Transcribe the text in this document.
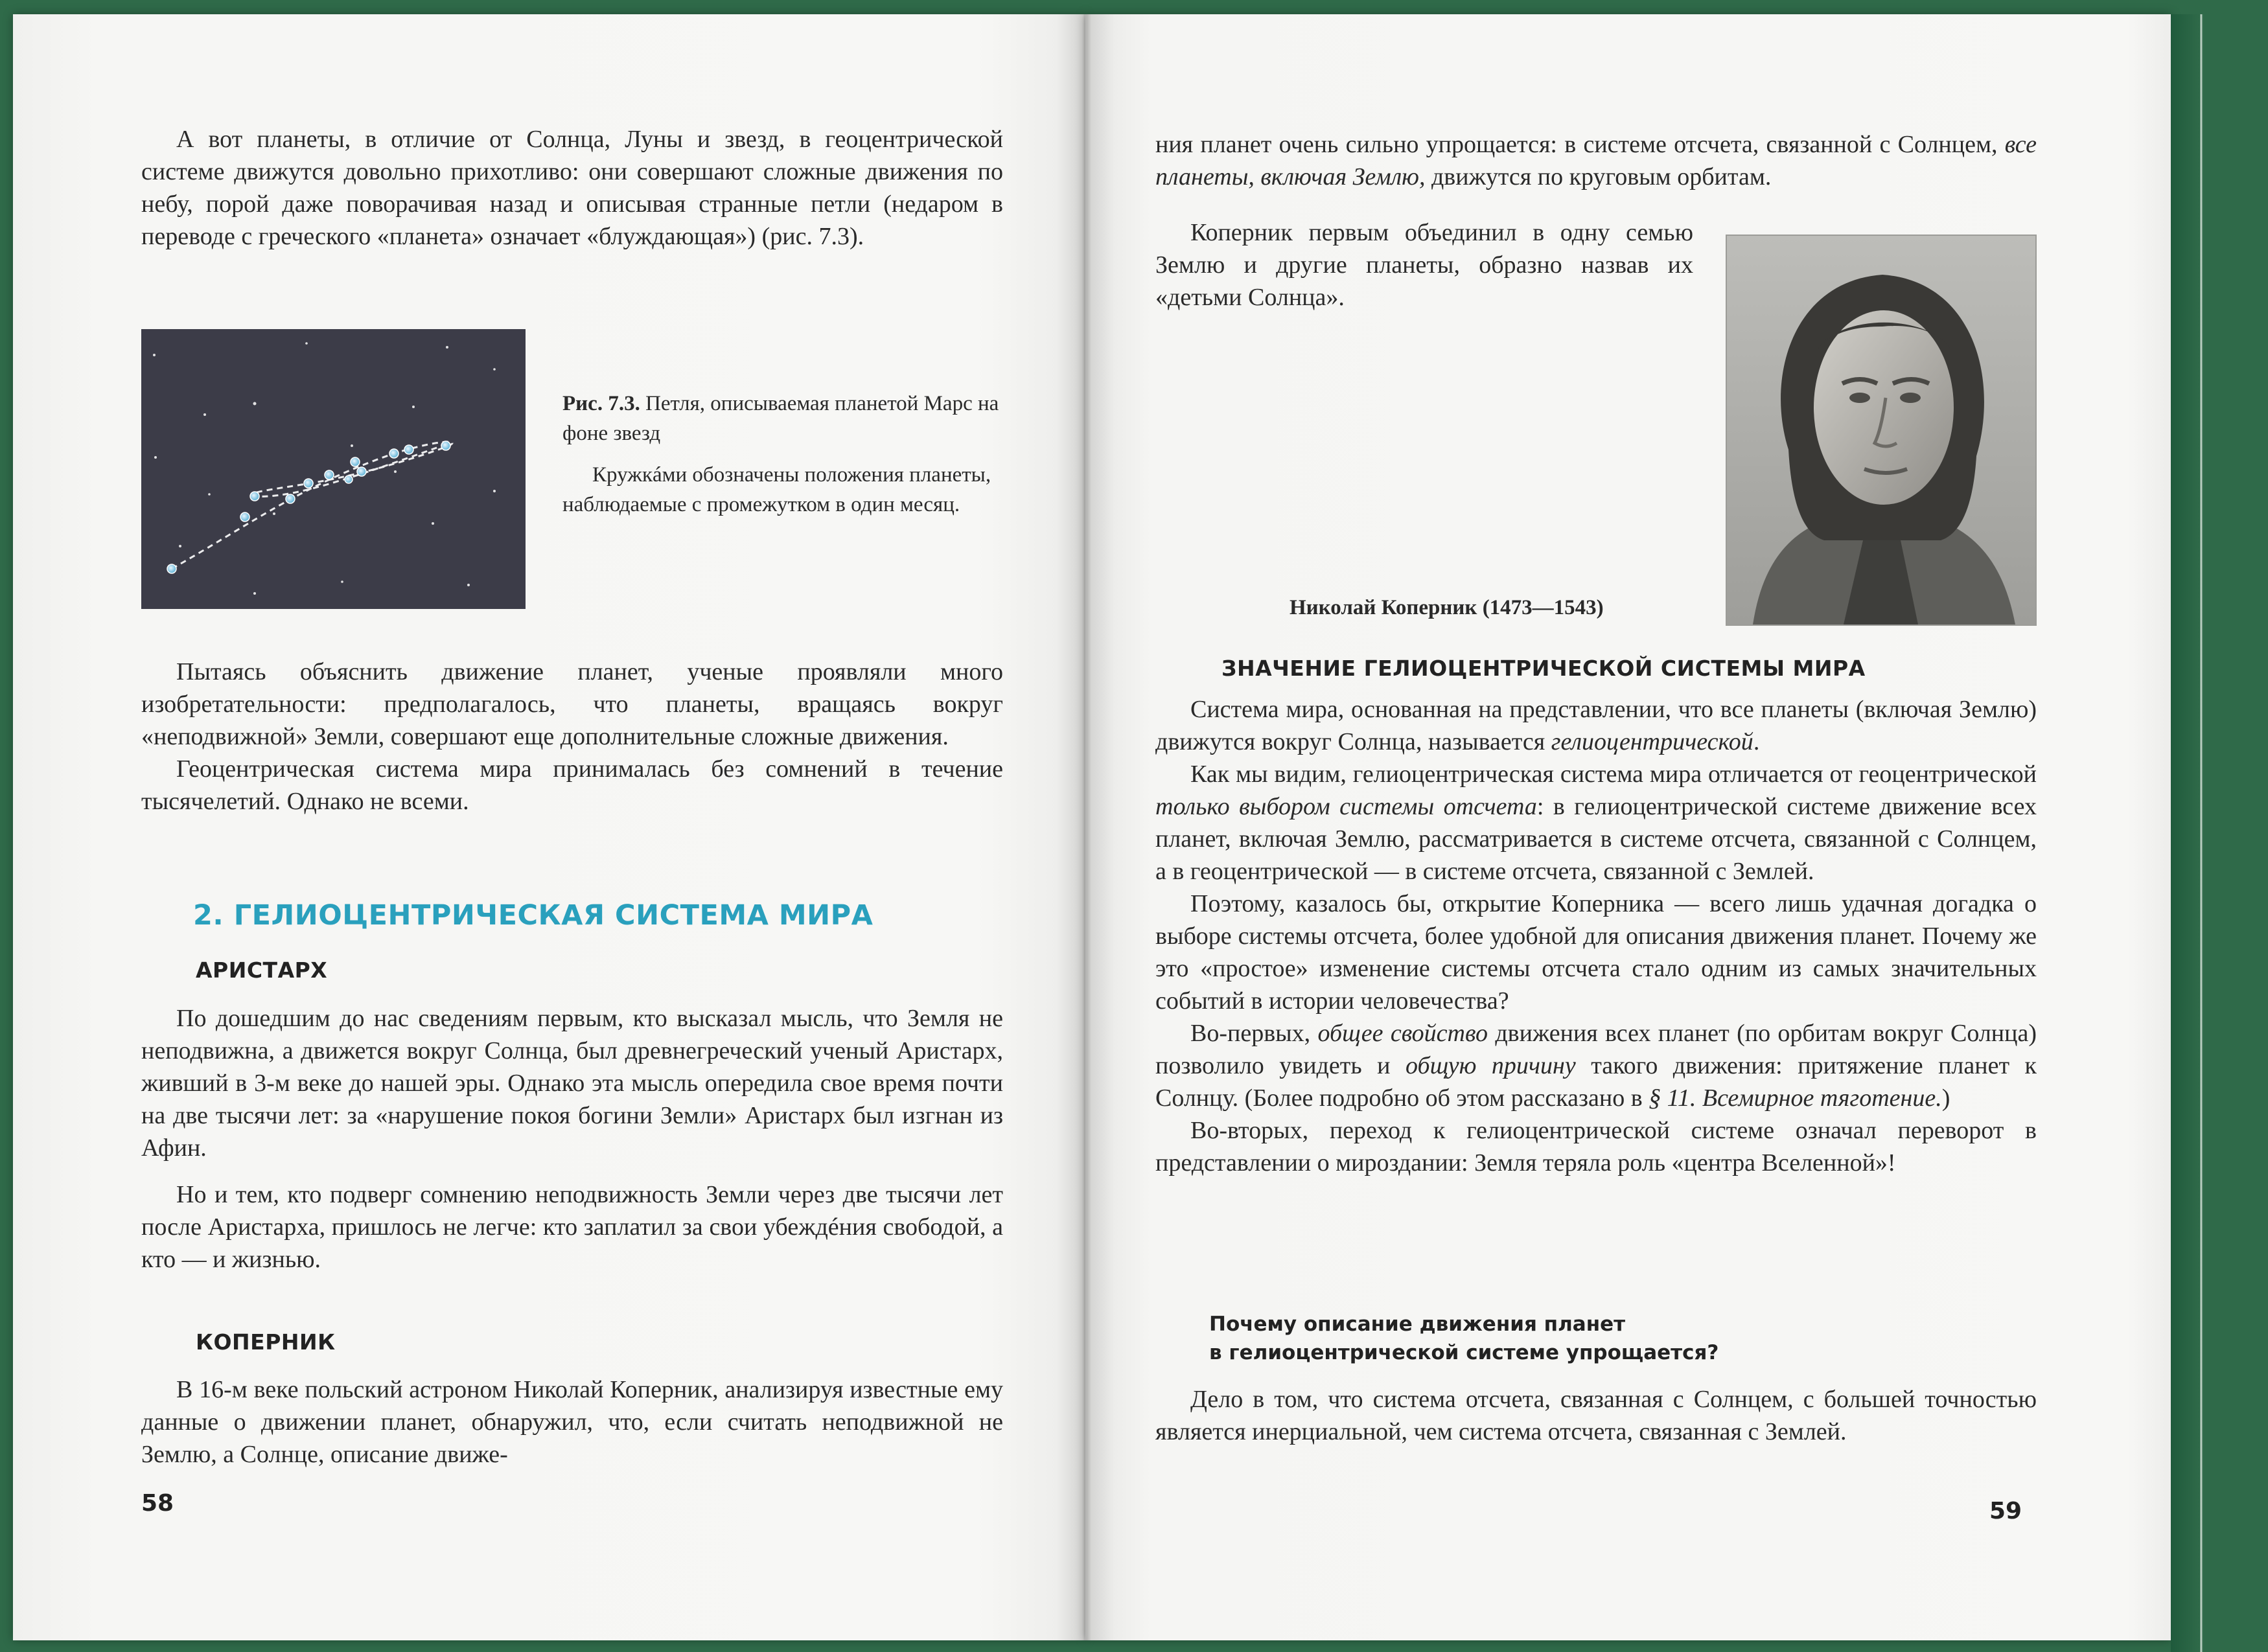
А вот планеты, в отличие от Солнца, Луны и звезд, в геоцентрической системе движутся довольно прихотливо: они совершают сложные движения по небу, порой даже поворачивая назад и описывая странные петли (недаром в переводе с греческого «планета» означает «блуждающая») (рис. 7.3).

Рис. 7.3. Петля, описываемая планетой Марс на фоне звезд

Кружкáми обозначены положения планеты, наблюдаемые с промежутком в один месяц.

Пытаясь объяснить движение планет, ученые проявляли много изобретательности: предполагалось, что планеты, вращаясь вокруг «неподвижной» Земли, совершают еще дополнительные сложные движения.

Геоцентрическая система мира принималась без сомнений в течение тысячелетий. Однако не всеми.

2. ГЕЛИОЦЕНТРИЧЕСКАЯ СИСТЕМА МИРА
АРИСТАРХ

По дошедшим до нас сведениям первым, кто высказал мысль, что Земля не неподвижна, а движется вокруг Солнца, был древнегреческий ученый Аристарх, живший в 3-м веке до нашей эры. Однако эта мысль опередила свое время почти на две тысячи лет: за «нарушение покоя богини Земли» Аристарх был изгнан из Афин.

Но и тем, кто подверг сомнению неподвижность Земли через две тысячи лет после Аристарха, пришлось не легче: кто заплатил за свои убеждéния свободой, а кто — и жизнью.

КОПЕРНИК

В 16-м веке польский астроном Николай Коперник, анализируя известные ему данные о движении планет, обнаружил, что, если считать неподвижной не Землю, а Солнце, описание движе-

58

ния планет очень сильно упрощается: в системе отсчета, связанной с Солнцем, все планеты, включая Землю, движутся по круговым орбитам.

Коперник первым объединил в одну семью Землю и другие планеты, образно назвав их «детьми Солнца».

Николай Коперник (1473—1543)
ЗНАЧЕНИЕ ГЕЛИОЦЕНТРИЧЕСКОЙ СИСТЕМЫ МИРА

Система мира, основанная на представлении, что все планеты (включая Землю) движутся вокруг Солнца, называется гелиоцентрической.

Как мы видим, гелиоцентрическая система мира отличается от геоцентрической только выбором системы отсчета: в гелиоцентрической системе движение всех планет, включая Землю, рассматривается в системе отсчета, связанной с Солнцем, а в геоцентрической — в системе отсчета, связанной с Землей.

Поэтому, казалось бы, открытие Коперника — всего лишь удачная догадка о выборе системы отсчета, более удобной для описания движения планет. Почему же это «простое» изменение системы отсчета стало одним из самых значительных событий в истории человечества?

Во-первых, общее свойство движения всех планет (по орбитам вокруг Солнца) позволило увидеть и общую причину такого движения: притяжение планет к Солнцу. (Более подробно об этом рассказано в § 11. Всемирное тяготение.)

Во-вторых, переход к гелиоцентрической системе означал переворот в представлении о мироздании: Земля теряла роль «центра Вселенной»!

Почему описание движения планет
в гелиоцентрической системе упрощается?

Дело в том, что система отсчета, связанная с Солнцем, с большей точностью является инерциальной, чем система отсчета, связанная с Землей.

59
